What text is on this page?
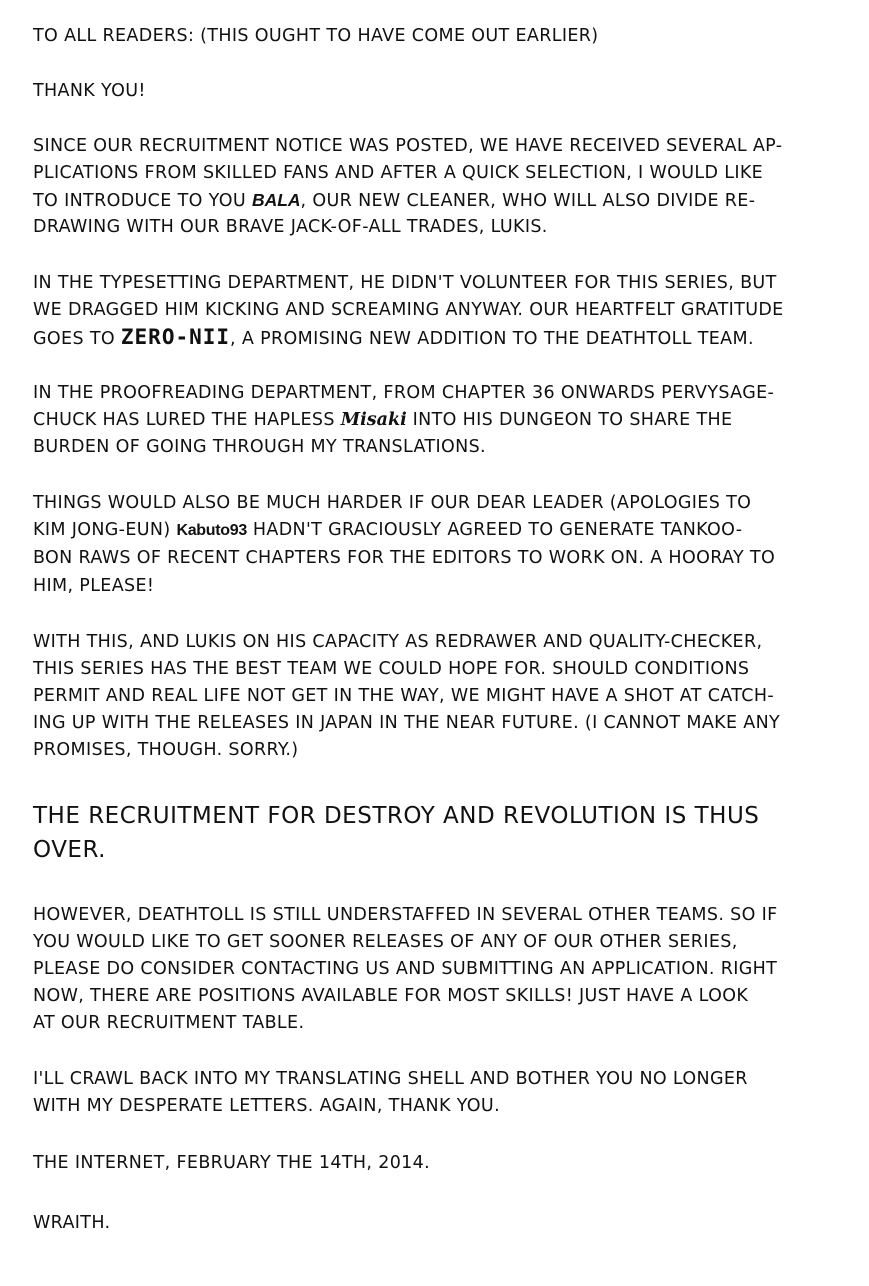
TO ALL READERS: (THIS OUGHT TO HAVE COME OUT EARLIER)
THANK YOU!
SINCE OUR RECRUITMENT NOTICE WAS POSTED, WE HAVE RECEIVED SEVERAL AP-
PLICATIONS FROM SKILLED FANS AND AFTER A QUICK SELECTION, I WOULD LIKE
TO INTRODUCE TO YOU BALA, OUR NEW CLEANER, WHO WILL ALSO DIVIDE RE-
DRAWING WITH OUR BRAVE JACK-OF-ALL TRADES, LUKIS.
IN THE TYPESETTING DEPARTMENT, HE DIDN'T VOLUNTEER FOR THIS SERIES, BUT
WE DRAGGED HIM KICKING AND SCREAMING ANYWAY. OUR HEARTFELT GRATITUDE
GOES TO ZERO-NII, A PROMISING NEW ADDITION TO THE DEATHTOLL TEAM.
IN THE PROOFREADING DEPARTMENT, FROM CHAPTER 36 ONWARDS PERVYSAGE-
CHUCK HAS LURED THE HAPLESS Misaki INTO HIS DUNGEON TO SHARE THE
BURDEN OF GOING THROUGH MY TRANSLATIONS.
THINGS WOULD ALSO BE MUCH HARDER IF OUR DEAR LEADER (APOLOGIES TO
KIM JONG-EUN) Kabuto93 HADN'T GRACIOUSLY AGREED TO GENERATE TANKOO-
BON RAWS OF RECENT CHAPTERS FOR THE EDITORS TO WORK ON. A HOORAY TO
HIM, PLEASE!
WITH THIS, AND LUKIS ON HIS CAPACITY AS REDRAWER AND QUALITY-CHECKER,
THIS SERIES HAS THE BEST TEAM WE COULD HOPE FOR. SHOULD CONDITIONS
PERMIT AND REAL LIFE NOT GET IN THE WAY, WE MIGHT HAVE A SHOT AT CATCH-
ING UP WITH THE RELEASES IN JAPAN IN THE NEAR FUTURE. (I CANNOT MAKE ANY
PROMISES, THOUGH. SORRY.)
THE RECRUITMENT FOR DESTROY AND REVOLUTION IS THUS
OVER.
HOWEVER, DEATHTOLL IS STILL UNDERSTAFFED IN SEVERAL OTHER TEAMS. SO IF
YOU WOULD LIKE TO GET SOONER RELEASES OF ANY OF OUR OTHER SERIES,
PLEASE DO CONSIDER CONTACTING US AND SUBMITTING AN APPLICATION. RIGHT
NOW, THERE ARE POSITIONS AVAILABLE FOR MOST SKILLS! JUST HAVE A LOOK
AT OUR RECRUITMENT TABLE.
I'LL CRAWL BACK INTO MY TRANSLATING SHELL AND BOTHER YOU NO LONGER
WITH MY DESPERATE LETTERS. AGAIN, THANK YOU.
THE INTERNET, FEBRUARY THE 14TH, 2014.
WRAITH.
